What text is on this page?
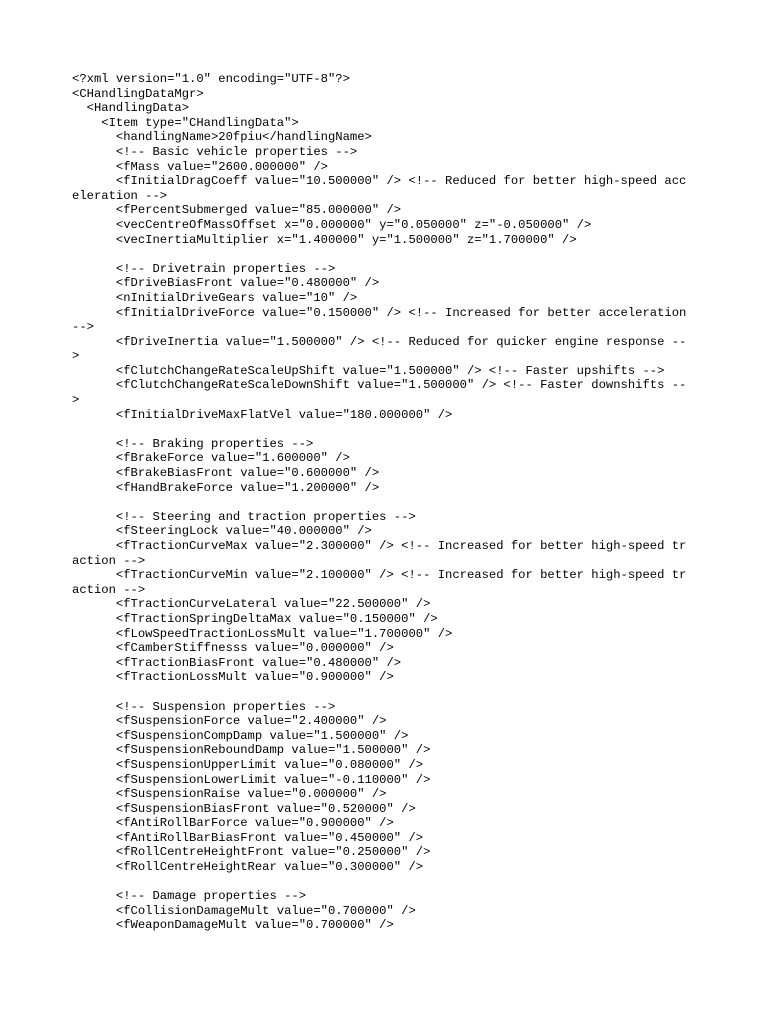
<?xml version="1.0" encoding="UTF-8"?>
<CHandlingDataMgr>
<HandlingData>
<Item type="CHandlingData">
<handlingName>20fpiu</handlingName>
<!-- Basic vehicle properties -->
<fMass value="2600.000000" />
<fInitialDragCoeff value="10.500000" /> <!-- Reduced for better high-speed acceleration -->
<fPercentSubmerged value="85.000000" />
<vecCentreOfMassOffset x="0.000000" y="0.050000" z="-0.050000" />
<vecInertiaMultiplier x="1.400000" y="1.500000" z="1.700000" />
<!-- Drivetrain properties -->
<fDriveBiasFront value="0.480000" />
<nInitialDriveGears value="10" />
<fInitialDriveForce value="0.150000" /> <!-- Increased for better acceleration -->
<fDriveInertia value="1.500000" /> <!-- Reduced for quicker engine response -->
<fClutchChangeRateScaleUpShift value="1.500000" /> <!-- Faster upshifts -->
<fClutchChangeRateScaleDownShift value="1.500000" /> <!-- Faster downshifts -->
<fInitialDriveMaxFlatVel value="180.000000" />
<!-- Braking properties -->
<fBrakeForce value="1.600000" />
<fBrakeBiasFront value="0.600000" />
<fHandBrakeForce value="1.200000" />
<!-- Steering and traction properties -->
<fSteeringLock value="40.000000" />
<fTractionCurveMax value="2.300000" /> <!-- Increased for better high-speed traction -->
<fTractionCurveMin value="2.100000" /> <!-- Increased for better high-speed traction -->
<fTractionCurveLateral value="22.500000" />
<fTractionSpringDeltaMax value="0.150000" />
<fLowSpeedTractionLossMult value="1.700000" />
<fCamberStiffnesss value="0.000000" />
<fTractionBiasFront value="0.480000" />
<fTractionLossMult value="0.900000" />
<!-- Suspension properties -->
<fSuspensionForce value="2.400000" />
<fSuspensionCompDamp value="1.500000" />
<fSuspensionReboundDamp value="1.500000" />
<fSuspensionUpperLimit value="0.080000" />
<fSuspensionLowerLimit value="-0.110000" />
<fSuspensionRaise value="0.000000" />
<fSuspensionBiasFront value="0.520000" />
<fAntiRollBarForce value="0.900000" />
<fAntiRollBarBiasFront value="0.450000" />
<fRollCentreHeightFront value="0.250000" />
<fRollCentreHeightRear value="0.300000" />
<!-- Damage properties -->
<fCollisionDamageMult value="0.700000" />
<fWeaponDamageMult value="0.700000" />
